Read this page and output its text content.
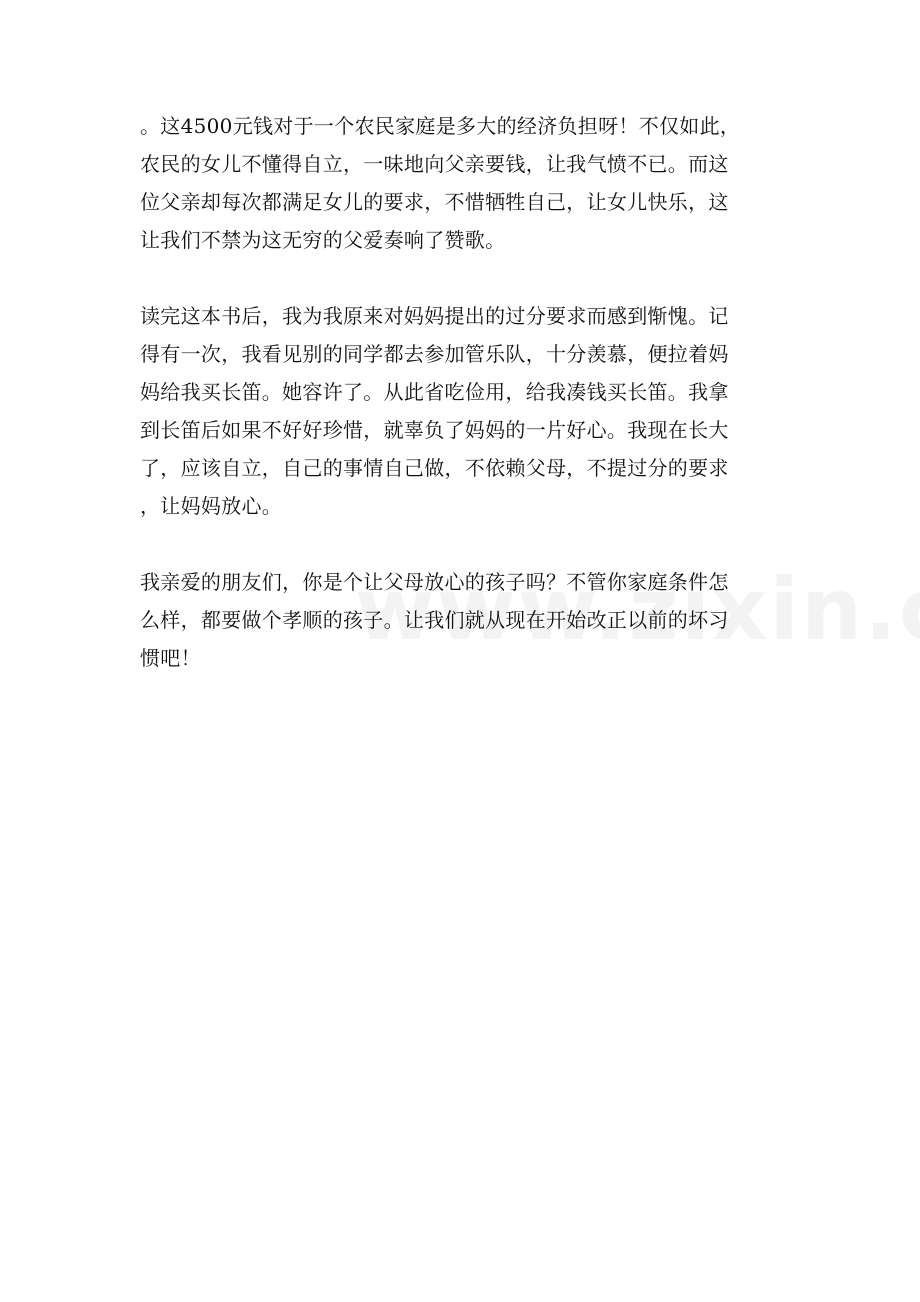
。这4500元钱对于一个农民家庭是多大的经济负担呀！不仅如此，
农民的女儿不懂得自立，一味地向父亲要钱，让我气愤不已。而这
位父亲却每次都满足女儿的要求，不惜牺牲自己，让女儿快乐，这
让我们不禁为这无穷的父爱奏响了赞歌。

读完这本书后，我为我原来对妈妈提出的过分要求而感到惭愧。记
得有一次，我看见别的同学都去参加管乐队，十分羡慕，便拉着妈
妈给我买长笛。她容许了。从此省吃俭用，给我凑钱买长笛。我拿
到长笛后如果不好好珍惜，就辜负了妈妈的一片好心。我现在长大
了，应该自立，自己的事情自己做，不依赖父母，不提过分的要求
，让妈妈放心。

我亲爱的朋友们，你是个让父母放心的孩子吗？不管你家庭条件怎
么样，都要做个孝顺的孩子。让我们就从现在开始改正以前的坏习
惯吧！
